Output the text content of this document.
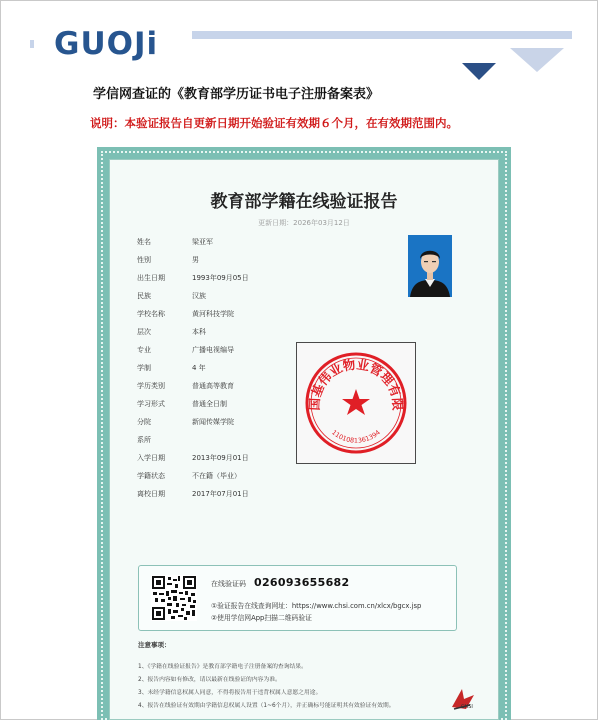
GUOJi
学信网查证的《教育部学历证书电子注册备案表》
说明：本验证报告自更新日期开始验证有效期６个月，在有效期范围内。
教育部学籍在线验证报告
更新日期：2026年03月12日
姓名	梁亚军
性别	男
出生日期	1993年09月05日
民族	汉族
学校名称	黄河科技学院
层次	本科
专业	广播电视编导
学制	4 年
学历类别	普通高等教育
学习形式	普通全日制
分院	新闻传媒学院
系所
入学日期	2013年09月01日
学籍状态	不在籍（毕业）
离校日期	2017年07月01日
国基伟业物业管理有限
1101081361394
在线验证码 026093655682
①验证报告在线查询网址：https://www.chsi.com.cn/xlcx/bgcx.jsp
②使用学信网App扫描二维码验证
注意事项：
1、《学籍在线验证报告》是教育部学籍电子注册备案的查询结果。
2、报告内容如有修改，请以最新在线验证的内容为准。
3、未经学籍信息权属人同意，不得将报告用于违背权属人意愿之用途。
4、报告在线验证有效期由学籍信息权属人设置（1~6个月），并正确标号能证明其有效验证有效期。	CHSI
